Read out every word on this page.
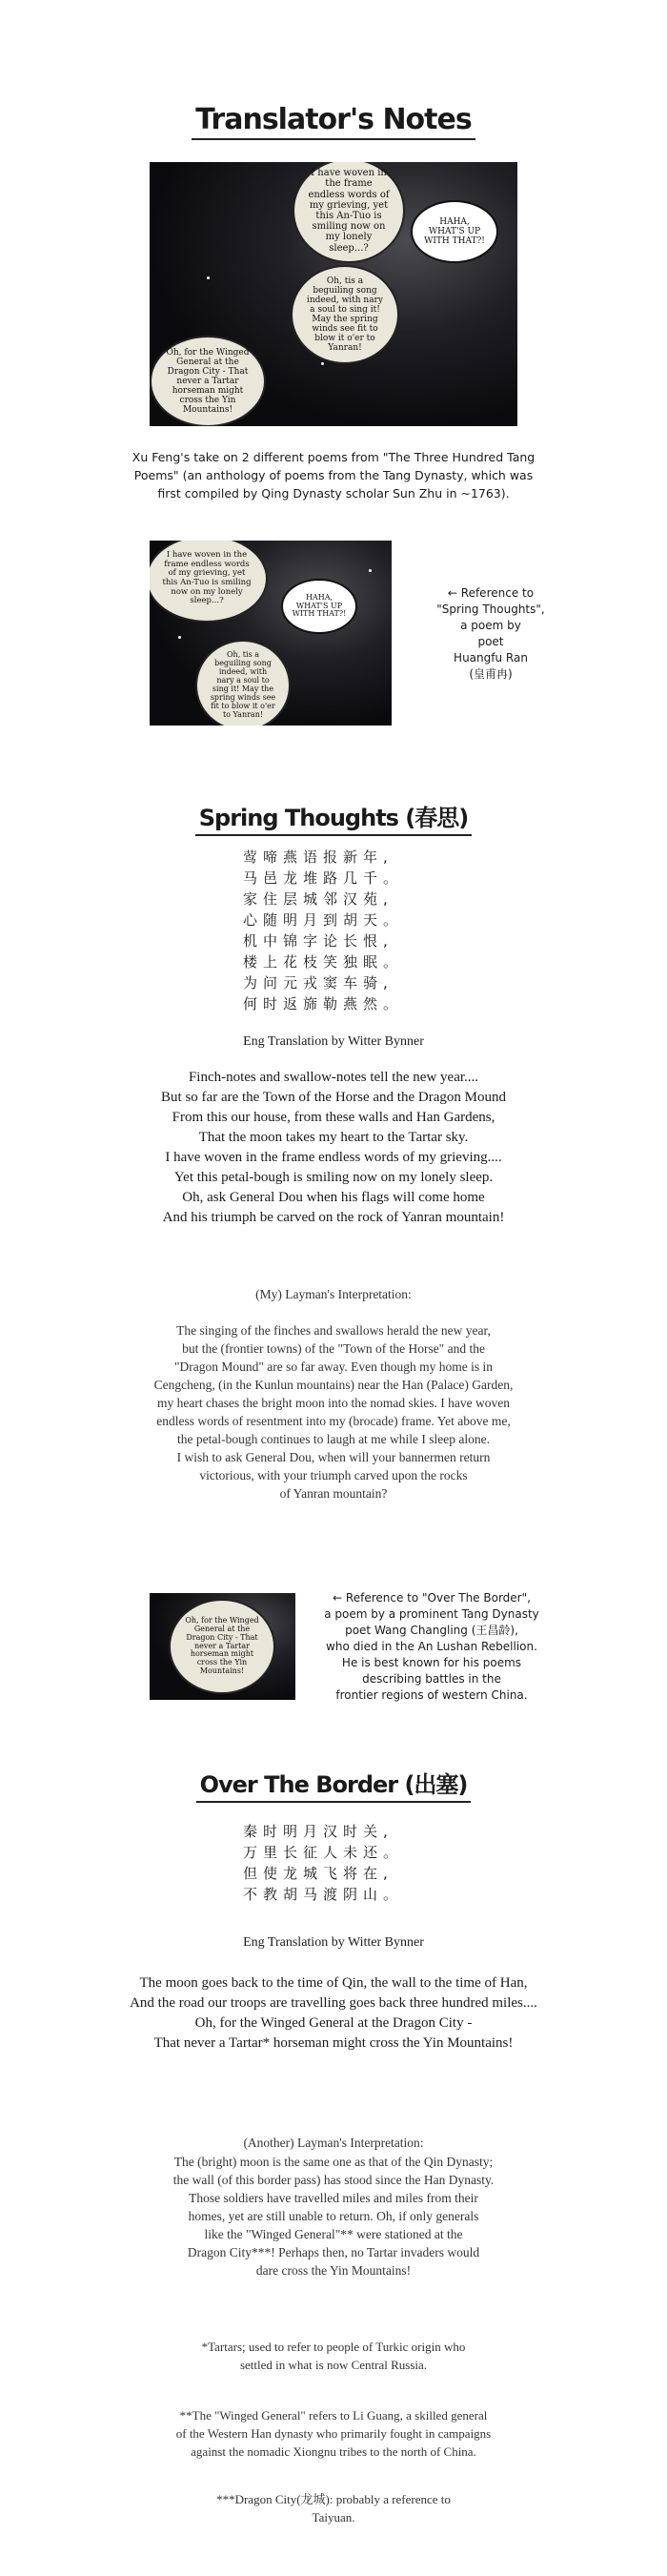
Translator's Notes
I have woven in the frame endless words of my grieving, yet this An-Tuo is smiling now on my lonely sleep...?
HAHA, WHAT'S UP WITH THAT?!
Oh, tis a beguiling song indeed, with nary a soul to sing it! May the spring winds see fit to blow it o'er to Yanran!
Oh, for the Winged General at the Dragon City - That never a Tartar horseman might cross the Yin Mountains!
Xu Feng's take on 2 different poems from "The Three Hundred Tang
Poems" (an anthology of poems from the Tang Dynasty, which was
first compiled by Qing Dynasty scholar Sun Zhu in ~1763).
I have woven in the frame endless words of my grieving, yet this An-Tuo is smiling now on my lonely sleep...?	HAHA, WHAT'S UP WITH THAT?!
Oh, tis a beguiling song indeed, with nary a soul to sing it! May the spring winds see fit to blow it o'er to Yanran!
← Reference to
"Spring Thoughts",
a poem by
poet
Huangfu Ran
(皇甫冉)
Spring Thoughts (春思)
莺啼燕语报新年,
马邑龙堆路几千。
家住层城邻汉苑,
心随明月到胡天。
机中锦字论长恨,
楼上花枝笑独眠。
为问元戎窦车骑,
何时返旆勒燕然。
Eng Translation by Witter Bynner
Finch-notes and swallow-notes tell the new year....
But so far are the Town of the Horse and the Dragon Mound
From this our house, from these walls and Han Gardens,
That the moon takes my heart to the Tartar sky.
I have woven in the frame endless words of my grieving....
Yet this petal-bough is smiling now on my lonely sleep.
Oh, ask General Dou when his flags will come home
And his triumph be carved on the rock of Yanran mountain!
(My) Layman's Interpretation:
The singing of the finches and swallows herald the new year,
but the (frontier towns) of the "Town of the Horse" and the
"Dragon Mound" are so far away. Even though my home is in
Cengcheng, (in the Kunlun mountains) near the Han (Palace) Garden,
my heart chases the bright moon into the nomad skies. I have woven
endless words of resentment into my (brocade) frame. Yet above me,
the petal-bough continues to laugh at me while I sleep alone.
I wish to ask General Dou, when will your bannermen return
victorious, with your triumph carved upon the rocks
of Yanran mountain?
Oh, for the Winged General at the Dragon City - That never a Tartar horseman might cross the Yin Mountains!
← Reference to "Over The Border",
a poem by a prominent Tang Dynasty
poet Wang Changling (王昌龄),
who died in the An Lushan Rebellion.
He is best known for his poems
describing battles in the
frontier regions of western China.
Over The Border (出塞)
秦时明月汉时关,
万里长征人未还。
但使龙城飞将在,
不教胡马渡阴山。
Eng Translation by Witter Bynner
The moon goes back to the time of Qin, the wall to the time of Han,
And the road our troops are travelling goes back three hundred miles....
Oh, for the Winged General at the Dragon City -
That never a Tartar* horseman might cross the Yin Mountains!
(Another) Layman's Interpretation:
The (bright) moon is the same one as that of the Qin Dynasty;
the wall (of this border pass) has stood since the Han Dynasty.
Those soldiers have travelled miles and miles from their
homes, yet are still unable to return. Oh, if only generals
like the "Winged General"** were stationed at the
Dragon City***! Perhaps then, no Tartar invaders would
dare cross the Yin Mountains!
*Tartars; used to refer to people of Turkic origin who
settled in what is now Central Russia.
**The "Winged General" refers to Li Guang, a skilled general
of the Western Han dynasty who primarily fought in campaigns
against the nomadic Xiongnu tribes to the north of China.
***Dragon City(龙城): probably a reference to
Taiyuan.
